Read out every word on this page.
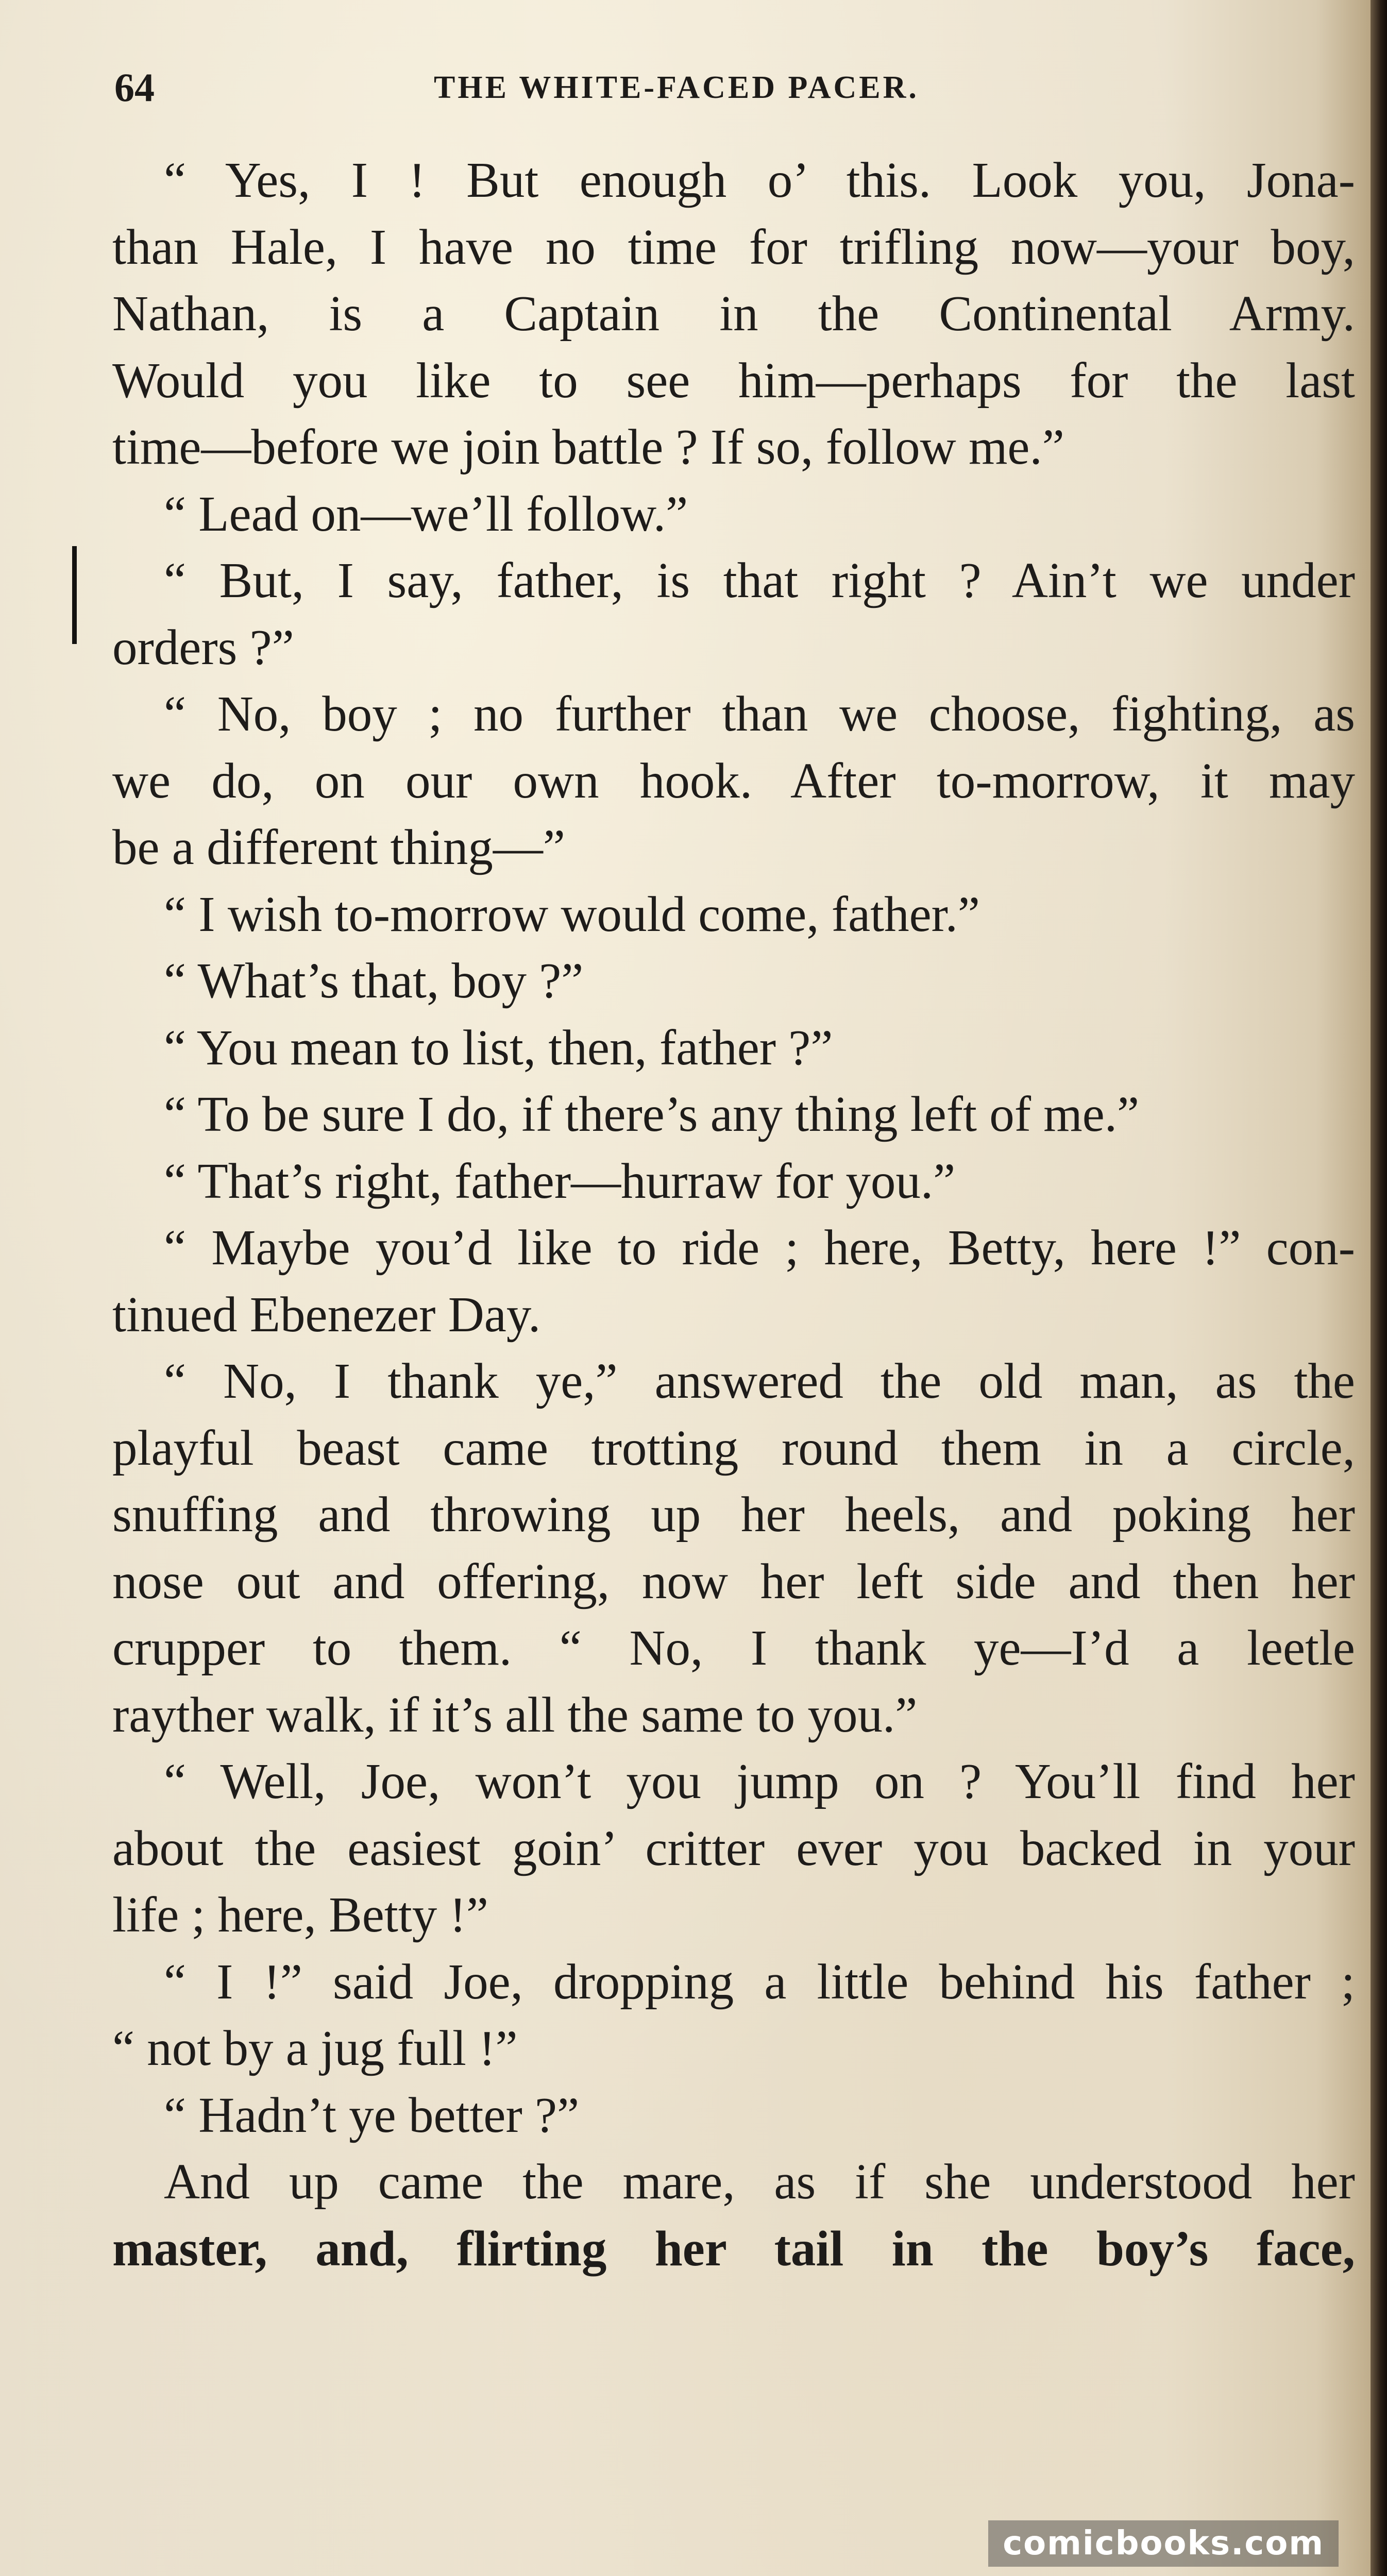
64	THE WHITE-FACED PACER.
“ Yes, I ! But enough o’ this. Look you, Jona-
than Hale, I have no time for trifling now—your boy,
Nathan, is a Captain in the Continental Army.
Would you like to see him—perhaps for the last
time—before we join battle ? If so, follow me.”
“ Lead on—we’ll follow.”
“ But, I say, father, is that right ? Ain’t we under
orders ?”
“ No, boy ; no further than we choose, fighting, as
we do, on our own hook. After to-morrow, it may
be a different thing—”
“ I wish to-morrow would come, father.”
“ What’s that, boy ?”
“ You mean to list, then, father ?”
“ To be sure I do, if there’s any thing left of me.”
“ That’s right, father—hurraw for you.”
“ Maybe you’d like to ride ; here, Betty, here !” con-
tinued Ebenezer Day.
“ No, I thank ye,” answered the old man, as the
playful beast came trotting round them in a circle,
snuffing and throwing up her heels, and poking her
nose out and offering, now her left side and then her
crupper to them. “ No, I thank ye—I’d a leetle
rayther walk, if it’s all the same to you.”
“ Well, Joe, won’t you jump on ? You’ll find her
about the easiest goin’ critter ever you backed in your
life ; here, Betty !”
“ I !” said Joe, dropping a little behind his father ;
“ not by a jug full !”
“ Hadn’t ye better ?”
And up came the mare, as if she understood her
master, and, flirting her tail in the boy’s face,
comicbooks.com
